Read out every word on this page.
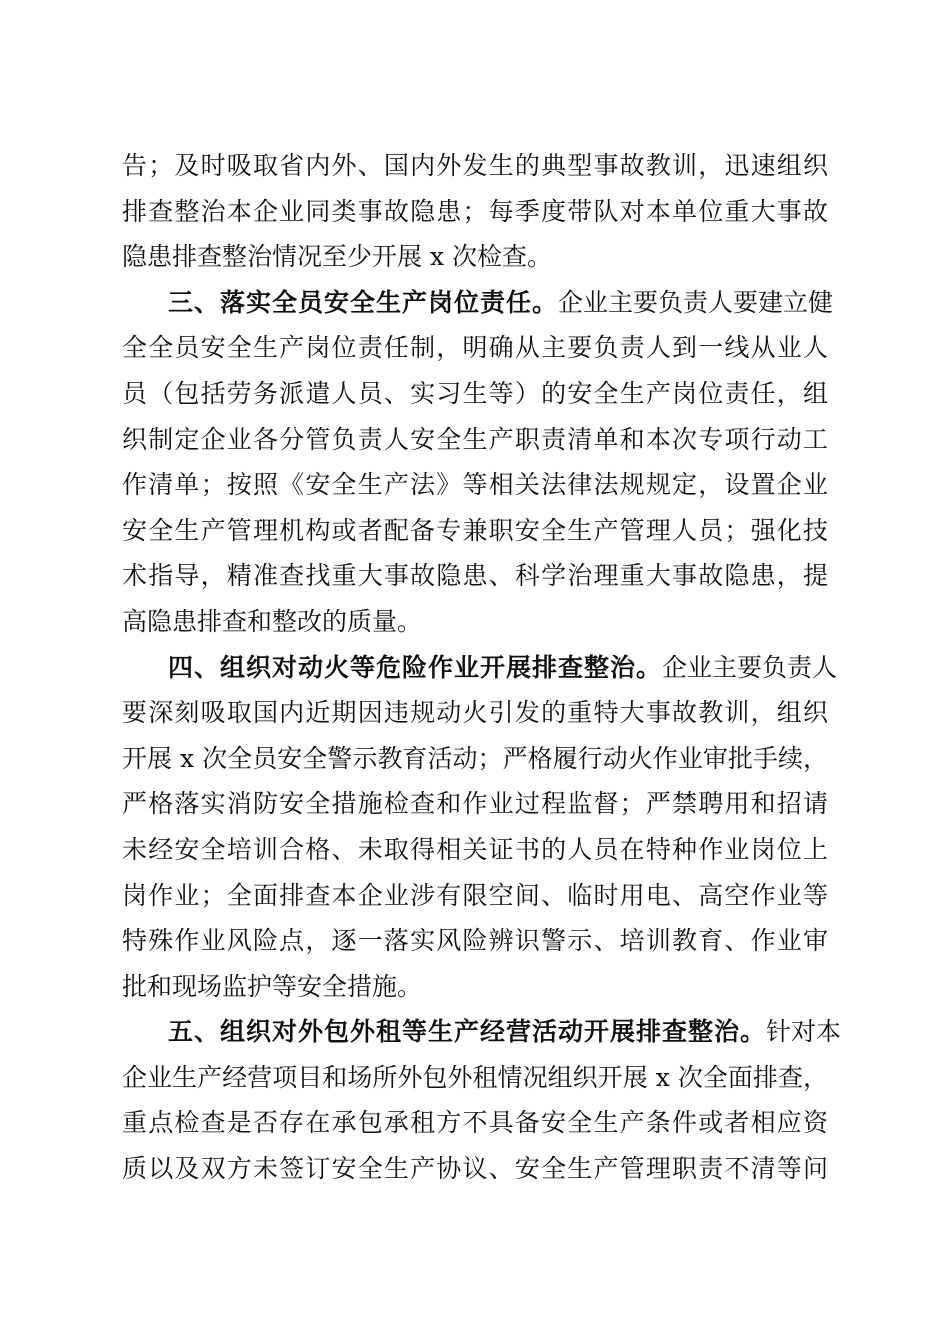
告；及时吸取省内外、国内外发生的典型事故教训，迅速组织
排查整治本企业同类事故隐患；每季度带队对本单位重大事故
隐患排查整治情况至少开展 x 次检查。
三、落实全员安全生产岗位责任。企业主要负责人要建立健
全全员安全生产岗位责任制，明确从主要负责人到一线从业人
员（包括劳务派遣人员、实习生等）的安全生产岗位责任，组
织制定企业各分管负责人安全生产职责清单和本次专项行动工
作清单；按照《安全生产法》等相关法律法规规定，设置企业
安全生产管理机构或者配备专兼职安全生产管理人员；强化技
术指导，精准查找重大事故隐患、科学治理重大事故隐患，提
高隐患排查和整改的质量。
四、组织对动火等危险作业开展排查整治。企业主要负责人
要深刻吸取国内近期因违规动火引发的重特大事故教训，组织
开展 x 次全员安全警示教育活动；严格履行动火作业审批手续，
严格落实消防安全措施检查和作业过程监督；严禁聘用和招请
未经安全培训合格、未取得相关证书的人员在特种作业岗位上
岗作业；全面排查本企业涉有限空间、临时用电、高空作业等
特殊作业风险点，逐一落实风险辨识警示、培训教育、作业审
批和现场监护等安全措施。
五、组织对外包外租等生产经营活动开展排查整治。针对本
企业生产经营项目和场所外包外租情况组织开展 x 次全面排查，
重点检查是否存在承包承租方不具备安全生产条件或者相应资
质以及双方未签订安全生产协议、安全生产管理职责不清等问
